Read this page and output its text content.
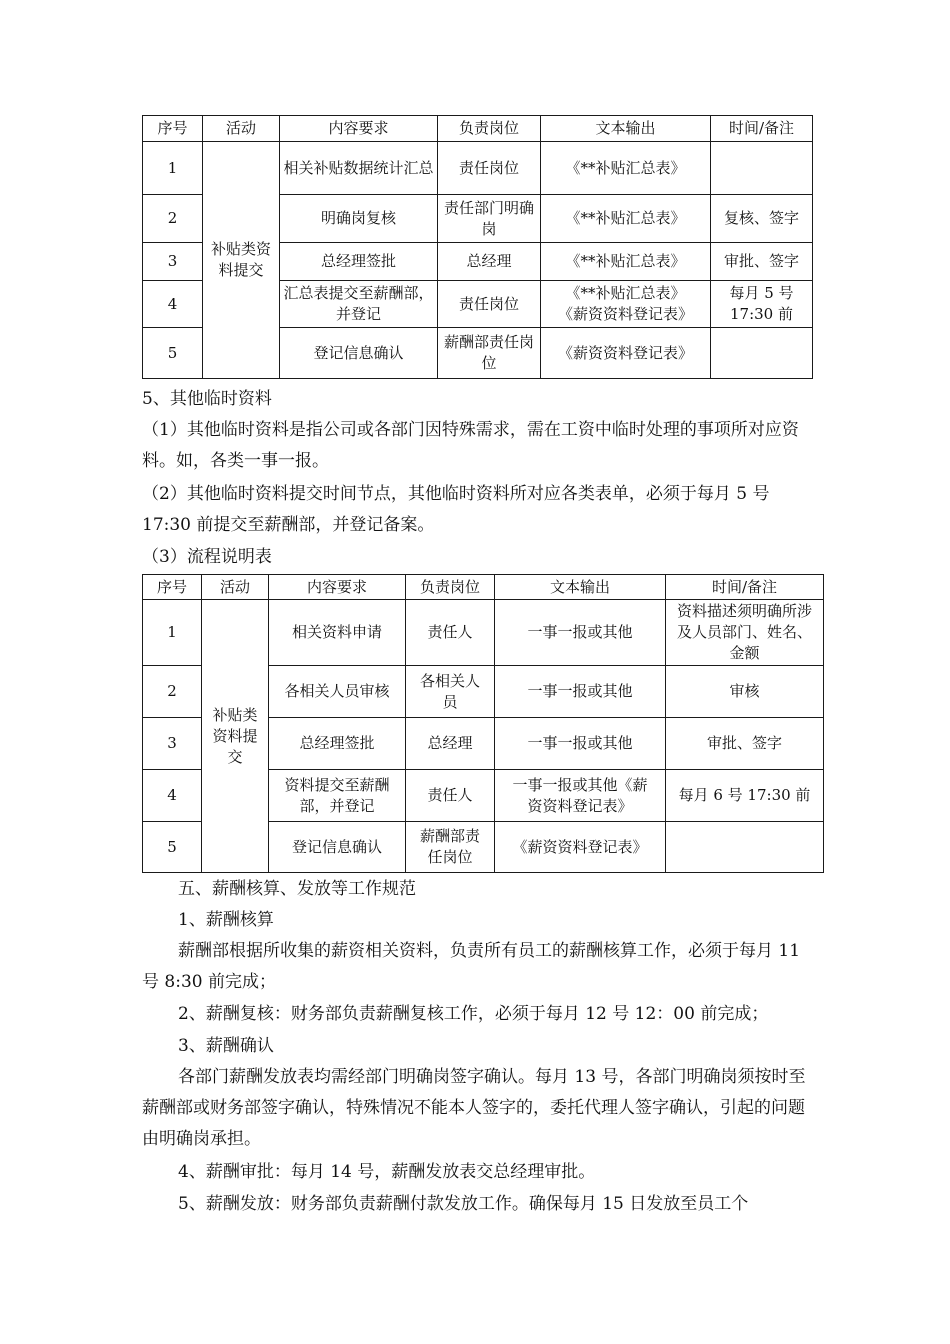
序号	活动	内容要求	负责岗位	文本输出	时间/备注
1	补贴类资料提交	相关补贴数据统计汇总	责任岗位	《**补贴汇总表》	
2		明确岗复核	责任部门明确岗	《**补贴汇总表》	复核、签字
3		总经理签批	总经理	《**补贴汇总表》	审批、签字
4		汇总表提交至薪酬部，并登记	责任岗位	《**补贴汇总表》《薪资资料登记表》	每月 5 号 17:30 前

5		登记信息确认	薪酬部责任岗位	《薪资资料登记表》	

5、其他临时资料

（1）其他临时资料是指公司或各部门因特殊需求，需在工资中临时处理的事项所对应资料。如，各类一事一报。

（2）其他临时资料提交时间节点，其他临时资料所对应各类表单，必须于每月 5 号 17:30 前提交至薪酬部，并登记备案。

（3）流程说明表

序号	活动	内容要求	负责岗位	文本输出	时间/备注
1	补贴类资料提交	相关资料申请	责任人	一事一报或其他	资料描述须明确所涉及人员部门、姓名、金额

2		各相关人员审核	各相关人员	一事一报或其他	审核
3		总经理签批	总经理	一事一报或其他	审批、签字
4		资料提交至薪酬部，并登记	责任人	一事一报或其他《薪资资料登记表》	每月 6 号 17:30 前
5		登记信息确认	薪酬部责任岗位	《薪资资料登记表》	

五、薪酬核算、发放等工作规范

1、薪酬核算

薪酬部根据所收集的薪资相关资料，负责所有员工的薪酬核算工作，必须于每月 11 号 8:30 前完成；

2、薪酬复核：财务部负责薪酬复核工作，必须于每月 12 号 12：00 前完成；

3、薪酬确认

各部门薪酬发放表均需经部门明确岗签字确认。每月 13 号，各部门明确岗须按时至薪酬部或财务部签字确认，特殊情况不能本人签字的，委托代理人签字确认，引起的问题由明确岗承担。

4、薪酬审批：每月 14 号，薪酬发放表交总经理审批。

5、薪酬发放：财务部负责薪酬付款发放工作。确保每月 15 日发放至员工个
